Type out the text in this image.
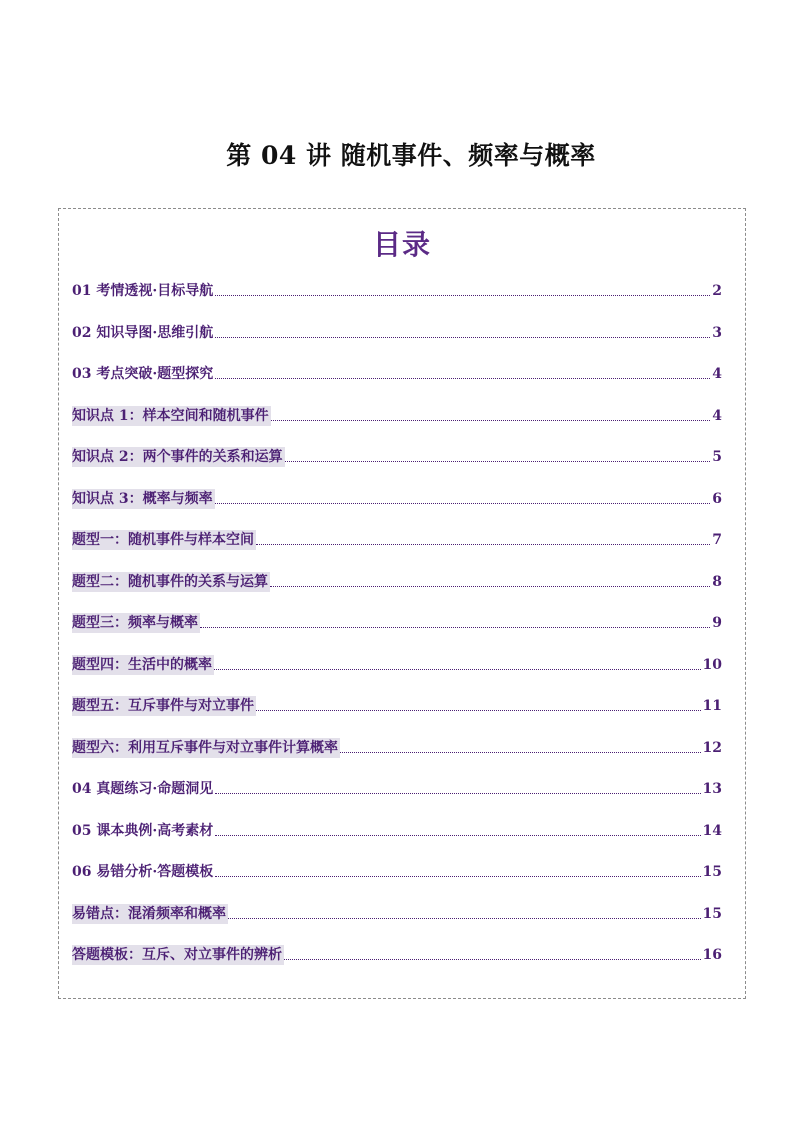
第 04 讲 随机事件、频率与概率
目录
01 考情透视·目标导航	2
02 知识导图·思维引航	3
03 考点突破·题型探究	4
知识点 1：样本空间和随机事件	4
知识点 2：两个事件的关系和运算	5
知识点 3：概率与频率	6
题型一：随机事件与样本空间	7
题型二：随机事件的关系与运算	8
题型三：频率与概率	9
题型四：生活中的概率	10
题型五：互斥事件与对立事件	11
题型六：利用互斥事件与对立事件计算概率	12
04 真题练习·命题洞见	13
05 课本典例·高考素材	14
06 易错分析·答题模板	15
易错点：混淆频率和概率	15
答题模板：互斥、对立事件的辨析	16
